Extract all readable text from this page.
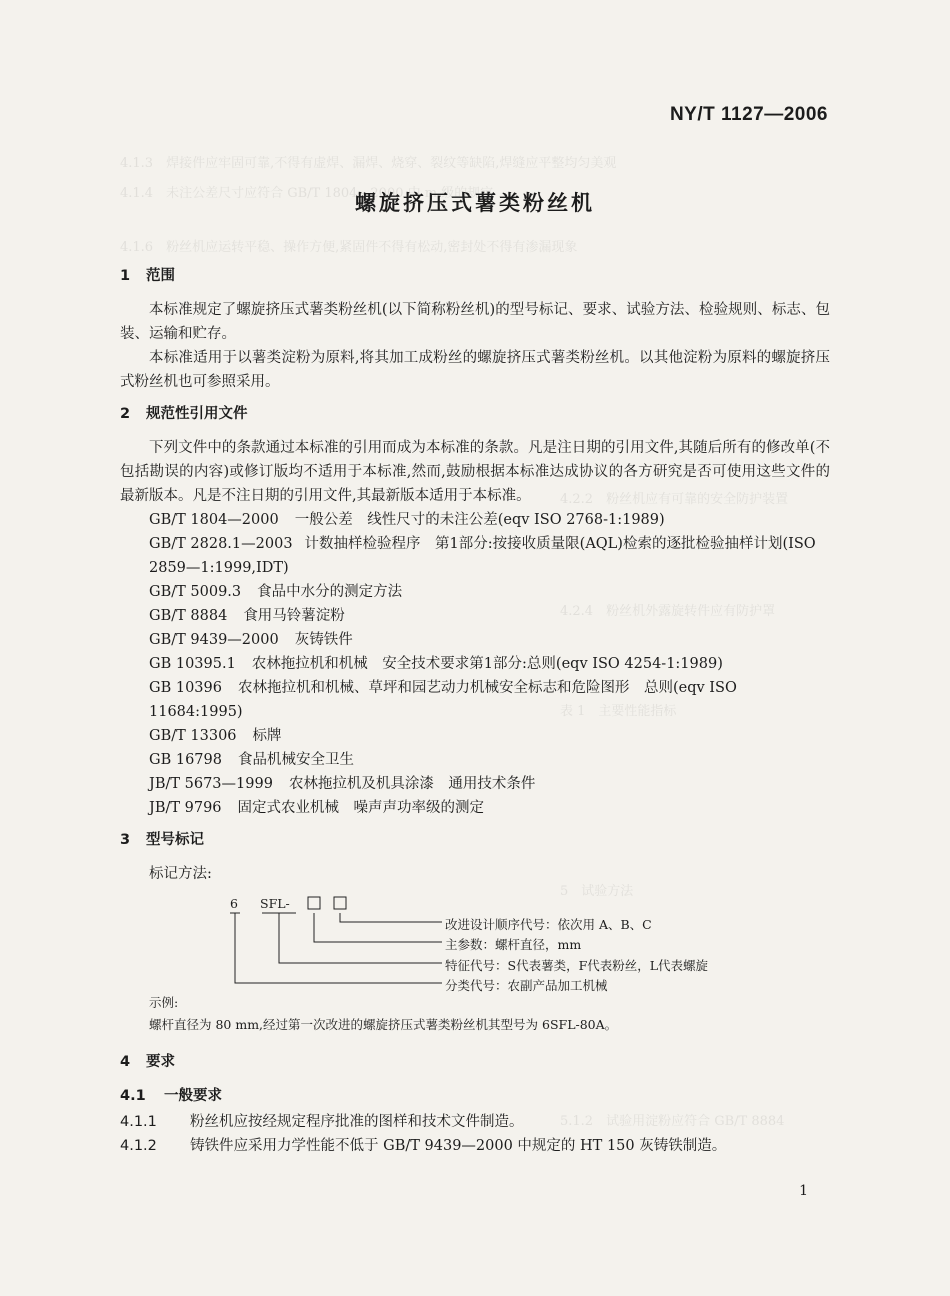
4.1.3　焊接件应牢固可靠,不得有虚焊、漏焊、烧穿、裂纹等缺陷,焊缝应平整均匀美观
4.1.4　未注公差尺寸应符合 GB/T 1804—2000 中 m 级的规定
4.1.6　粉丝机应运转平稳、操作方便,紧固件不得有松动,密封处不得有渗漏现象
4.2.2　粉丝机应有可靠的安全防护装置
4.2.4　粉丝机外露旋转件应有防护罩
表 1　主要性能指标
5　试验方法
5.1.2　试验用淀粉应符合 GB/T 8884
NY/T 1127—2006
螺旋挤压式薯类粉丝机
1 范围

本标准规定了螺旋挤压式薯类粉丝机(以下简称粉丝机)的型号标记、要求、试验方法、检验规则、标志、包装、运输和贮存。

本标准适用于以薯类淀粉为原料,将其加工成粉丝的螺旋挤压式薯类粉丝机。以其他淀粉为原料的螺旋挤压式粉丝机也可参照采用。

2 规范性引用文件

下列文件中的条款通过本标准的引用而成为本标准的条款。凡是注日期的引用文件,其随后所有的修改单(不包括勘误的内容)或修订版均不适用于本标准,然而,鼓励根据本标准达成协议的各方研究是否可使用这些文件的最新版本。凡是不注日期的引用文件,其最新版本适用于本标准。

GB/T 1804—2000 一般公差　线性尺寸的未注公差(eqv ISO 2768-1:1989)

GB/T 2828.1—2003 计数抽样检验程序　第1部分:按接收质量限(AQL)检索的逐批检验抽样计划(ISO 2859—1:1999,IDT)

GB/T 5009.3 食品中水分的测定方法

GB/T 8884 食用马铃薯淀粉

GB/T 9439—2000 灰铸铁件

GB 10395.1 农林拖拉机和机械　安全技术要求第1部分:总则(eqv ISO 4254-1:1989)

GB 10396 农林拖拉机和机械、草坪和园艺动力机械安全标志和危险图形　总则(eqv ISO 11684:1995)

GB/T 13306 标牌

GB 16798 食品机械安全卫生

JB/T 5673—1999 农林拖拉机及机具涂漆　通用技术条件

JB/T 9796 固定式农业机械　噪声声功率级的测定

3 型号标记
标记方法:
6 SFL-
改进设计顺序代号：依次用 A、B、C
主参数：螺杆直径，mm
特征代号：S代表薯类，F代表粉丝，L代表螺旋
分类代号：农副产品加工机械
示例:
螺杆直径为 80 mm,经过第一次改进的螺旋挤压式薯类粉丝机其型号为 6SFL-80A。
4 要求
4.1 一般要求

4.1.1 粉丝机应按经规定程序批准的图样和技术文件制造。

4.1.2 铸铁件应采用力学性能不低于 GB/T 9439—2000 中规定的 HT 150 灰铸铁制造。

1
